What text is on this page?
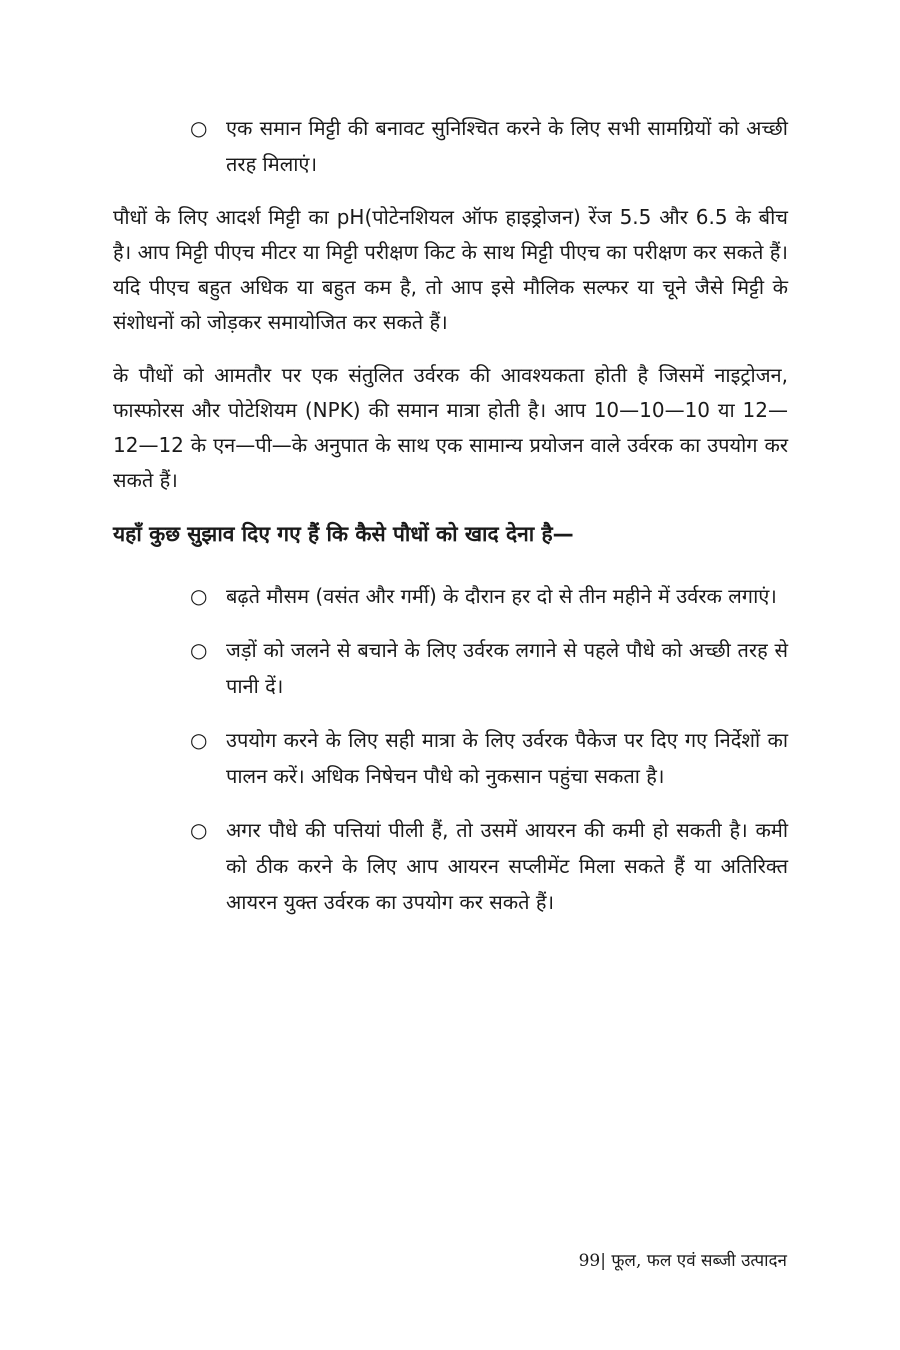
○ एक समान मिट्टी की बनावट सुनिश्चित करने के लिए सभी सामग्रियों को अच्छी तरह मिलाएं।

पौधों के लिए आदर्श मिट्टी का pH(पोटेनशियल ऑफ हाइड्रोजन) रेंज 5.5 और 6.5 के बीच है। आप मिट्टी पीएच मीटर या मिट्टी परीक्षण किट के साथ मिट्टी पीएच का परीक्षण कर सकते हैं। यदि पीएच बहुत अधिक या बहुत कम है, तो आप इसे मौलिक सल्फर या चूने जैसे मिट्टी के संशोधनों को जोड़कर समायोजित कर सकते हैं।

के पौधों को आमतौर पर एक संतुलित उर्वरक की आवश्यकता होती है जिसमें नाइट्रोजन, फास्फोरस और पोटेशियम (NPK) की समान मात्रा होती है। आप 10—10—10 या 12—12—12 के एन—पी—के अनुपात के साथ एक सामान्य प्रयोजन वाले उर्वरक का उपयोग कर सकते हैं।

यहाँ कुछ सुझाव दिए गए हैं कि कैसे पौधों को खाद देना है—
○ बढ़ते मौसम (वसंत और गर्मी) के दौरान हर दो से तीन महीने में उर्वरक लगाएं।
○ जड़ों को जलने से बचाने के लिए उर्वरक लगाने से पहले पौधे को अच्छी तरह से पानी दें।
○ उपयोग करने के लिए सही मात्रा के लिए उर्वरक पैकेज पर दिए गए निर्देशों का पालन करें। अधिक निषेचन पौधे को नुकसान पहुंचा सकता है।
○ अगर पौधे की पत्तियां पीली हैं, तो उसमें आयरन की कमी हो सकती है। कमी को ठीक करने के लिए आप आयरन सप्लीमेंट मिला सकते हैं या अतिरिक्त आयरन युक्त उर्वरक का उपयोग कर सकते हैं।
99| फूल, फल एवं सब्जी उत्पादन
